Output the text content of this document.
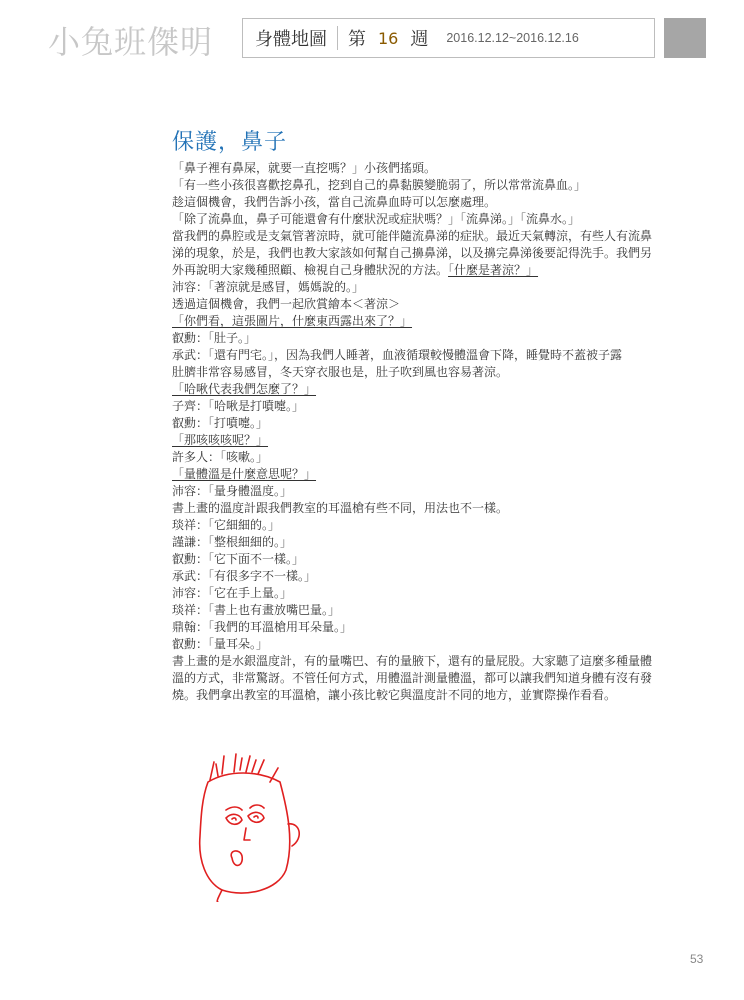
小兔班傑明 身體地圖 第 16 週 2016.12.12~2016.12.16
保護，鼻子
「鼻子裡有鼻屎，就要一直挖嗎？」小孩們搖頭。
「有一些小孩很喜歡挖鼻孔，挖到自己的鼻黏膜變脆弱了，所以常常流鼻血。」
趁這個機會，我們告訴小孩，當自己流鼻血時可以怎麼處理。
「除了流鼻血，鼻子可能還會有什麼狀況或症狀嗎？」「流鼻涕。」「流鼻水。」
當我們的鼻腔或是支氣管著涼時，就可能伴隨流鼻涕的症狀。最近天氣轉涼，有些人有流鼻
涕的現象，於是，我們也教大家該如何幫自己擤鼻涕，以及擤完鼻涕後要記得洗手。我們另
外再說明大家幾種照顧、檢視自己身體狀況的方法。「什麼是著涼？」
沛容：「著涼就是感冒，媽媽說的。」
透過這個機會，我們一起欣賞繪本＜著涼＞
「你們看，這張圖片，什麼東西露出來了？」
叡勳：「肚子。」
承武：「還有門宅。」，因為我們人睡著，血液循環較慢體溫會下降，睡覺時不蓋被子露
肚臍非常容易感冒，冬天穿衣服也是，肚子吹到風也容易著涼。
「哈啾代表我們怎麼了？」
子齊：「哈啾是打噴嚏。」
叡勳：「打噴嚏。」
「那咳咳咳呢？」
許多人：「咳嗽。」
「量體溫是什麼意思呢？」
沛容：「量身體溫度。」
書上畫的溫度計跟我們教室的耳溫槍有些不同，用法也不一樣。
琰祥：「它細細的。」
謹謙：「整根細細的。」
叡勳：「它下面不一樣。」
承武：「有很多字不一樣。」
沛容：「它在手上量。」
琰祥：「書上也有畫放嘴巴量。」
鼎翰：「我們的耳溫槍用耳朵量。」
叡勳：「量耳朵。」
書上畫的是水銀溫度計，有的量嘴巴、有的量腋下，還有的量屁股。大家聽了這麼多種量體
溫的方式，非常驚訝。不管任何方式，用體溫計測量體溫，都可以讓我們知道身體有沒有發
燒。我們拿出教室的耳溫槍，讓小孩比較它與溫度計不同的地方，並實際操作看看。
53
